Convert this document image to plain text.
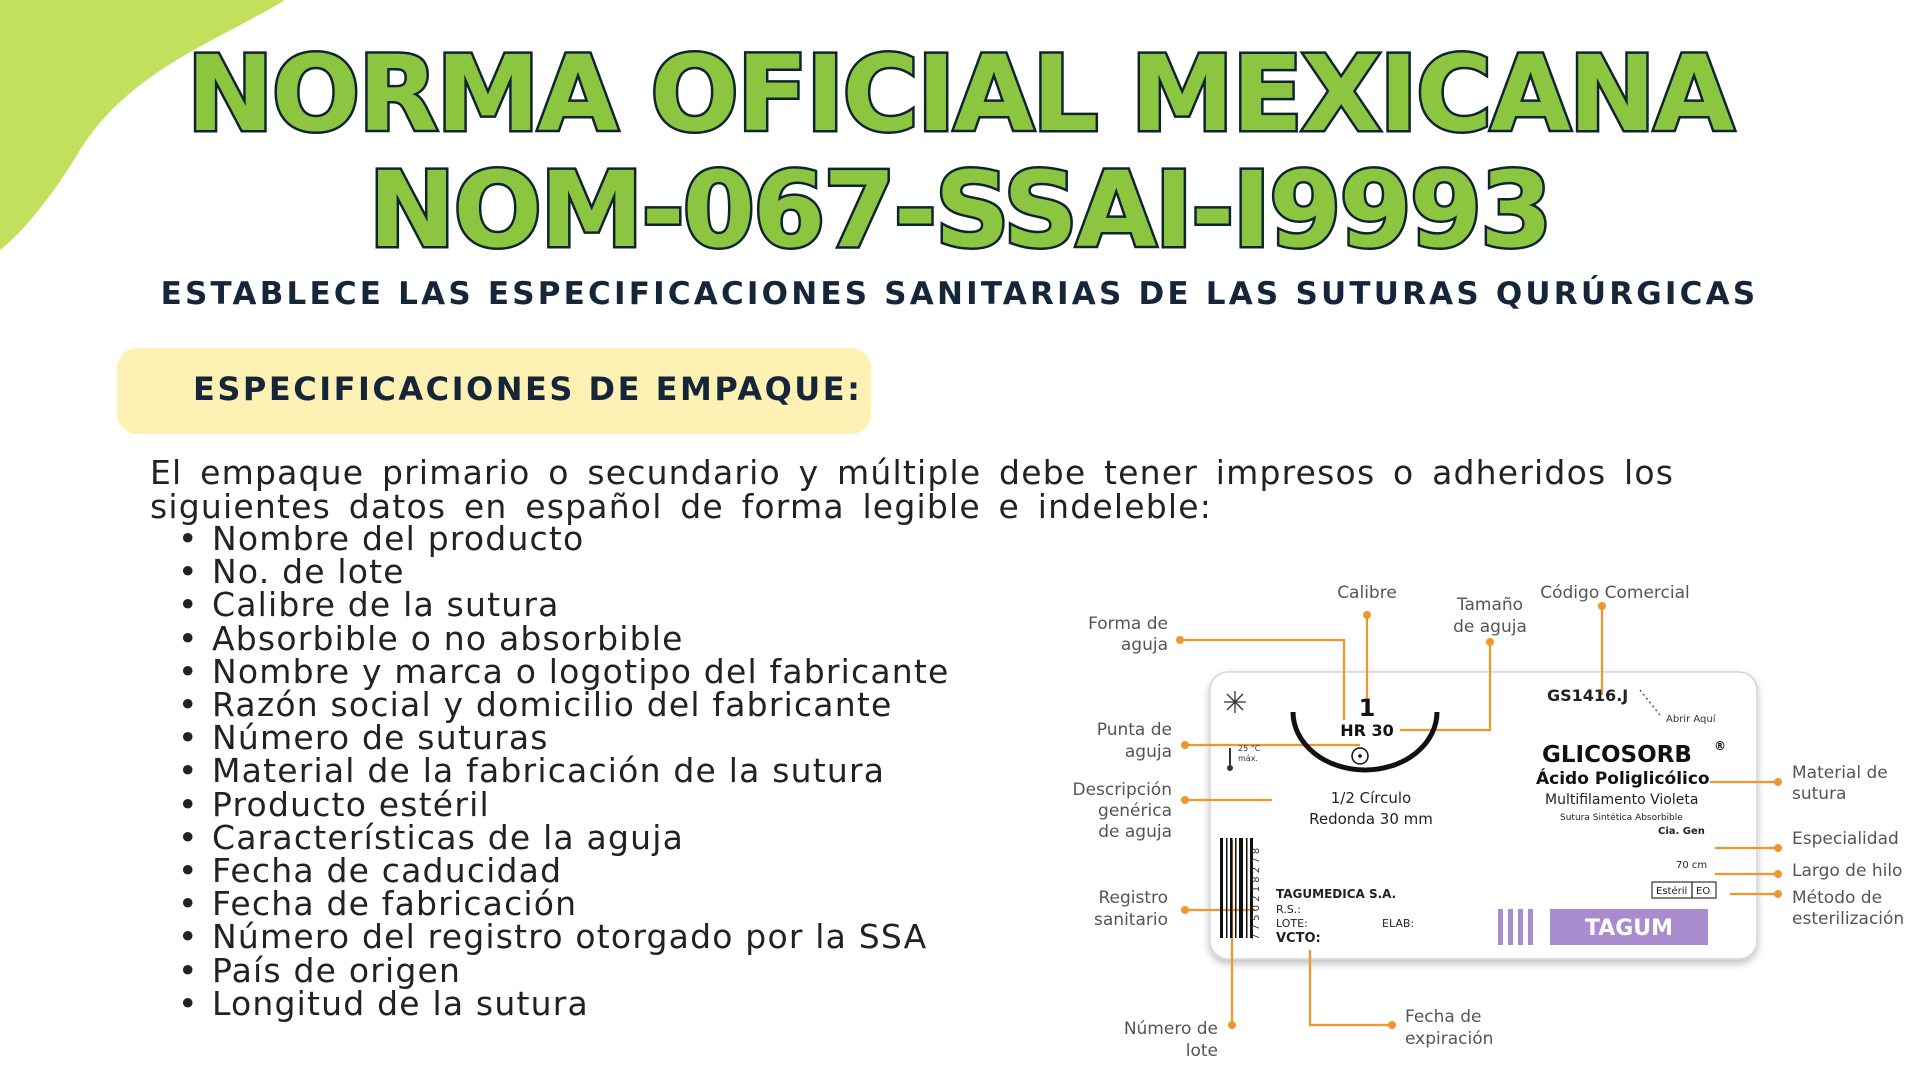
NORMA OFICIAL MEXICANA
NOM-067-SSAI-I9993
ESTABLECE LAS ESPECIFICACIONES SANITARIAS DE LAS SUTURAS QURÚRGICAS
ESPECIFICACIONES DE EMPAQUE:
El empaque primario o secundario y múltiple debe tener impresos o adheridos los
siguientes datos en español de forma legible e indeleble:
• Nombre del producto
• No. de lote
• Calibre de la sutura
• Absorbible o no absorbible
• Nombre y marca o logotipo del fabricante
• Razón social y domicilio del fabricante
• Número de suturas
• Material de la fabricación de la sutura
• Producto estéril
• Características de la aguja
• Fecha de caducidad
• Fecha de fabricación
• Número del registro otorgado por la SSA
• País de origen
• Longitud de la sutura
Calibre
Tamaño
de aguja
Código Comercial
Forma de
aguja
Punta de
aguja
Descripción
genérica
de aguja
Registro
sanitario
Número de
lote
Fecha de
expiración
Material de
sutura
Especialidad
Largo de hilo
Método de
esterilización
25 °C
máx.
1
HR 30
1/2 Círculo
Redonda 30 mm
GS1416.J
Abrir Aquí
GLICOSORB ®
Ácido Poliglicólico
Multifilamento Violeta
Sutura Sintética Absorbible
Cia. Gen
70 cm
Estéril EO
7 7 5 0 2 1 8 2 7 8 TAGUMEDICA S.A.
R.S.:
LOTE:	ELAB:
VCTO:	TAGUM
